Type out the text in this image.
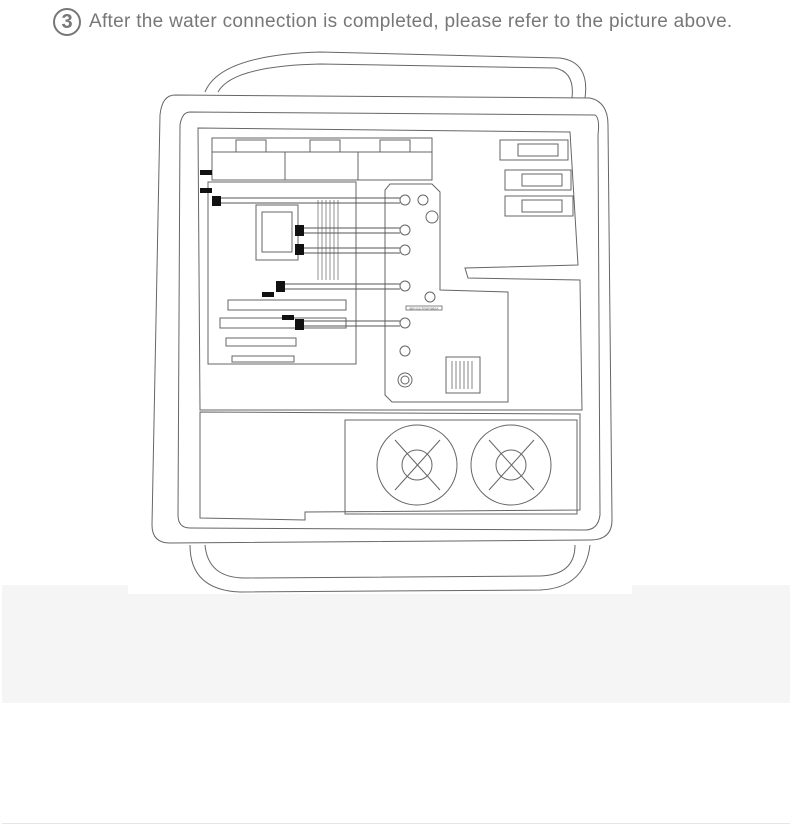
3 After the water connection is completed, please refer to the picture above.
BBY-GS-TRSP-BBSX
